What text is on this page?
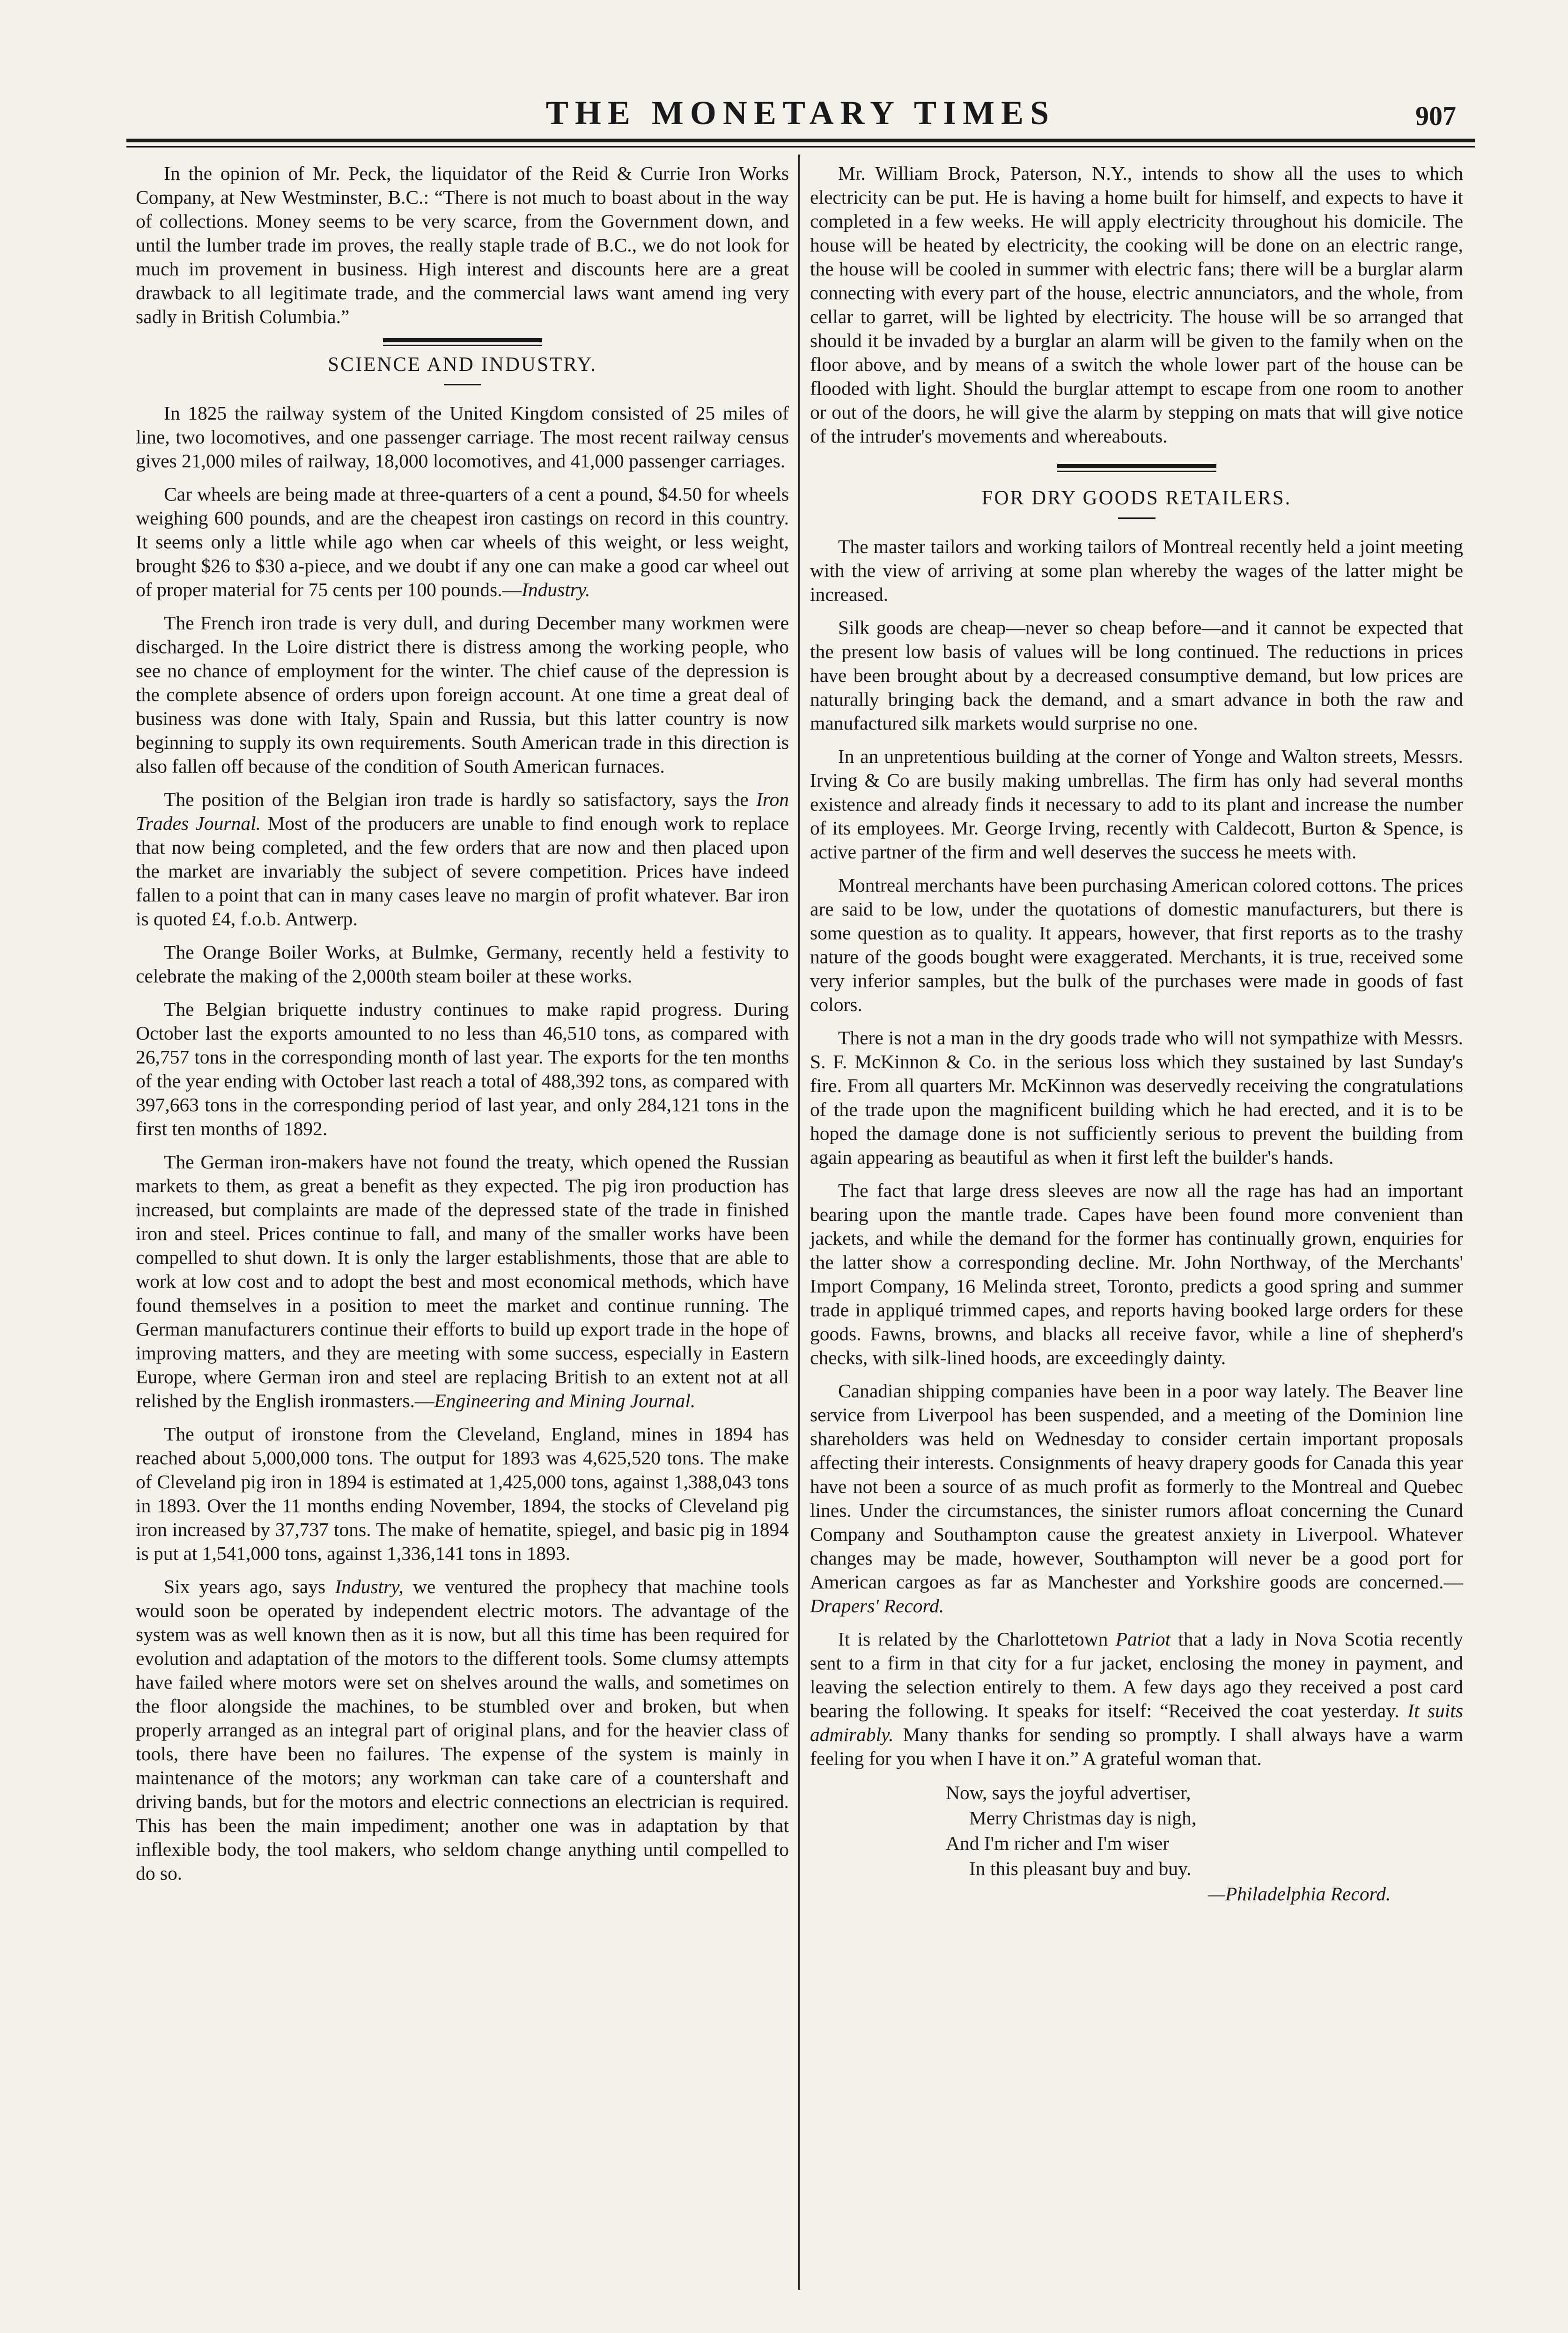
THE MONETARY TIMES	907

In the opinion of Mr. Peck, the liquidator of the Reid & Currie Iron Works Company, at New Westminster, B.C.: “There is not much to boast about in the way of collections. Money seems to be very scarce, from the Government down, and until the lumber trade im proves, the really staple trade of B.C., we do not look for much im provement in business. High interest and discounts here are a great drawback to all legitimate trade, and the commercial laws want amend ing very sadly in British Columbia.”

SCIENCE AND INDUSTRY.

In 1825 the railway system of the United Kingdom consisted of 25 miles of line, two locomotives, and one passenger carriage. The most recent railway census gives 21,000 miles of railway, 18,000 locomotives, and 41,000 passenger carriages.

Car wheels are being made at three-quarters of a cent a pound, $4.50 for wheels weighing 600 pounds, and are the cheapest iron castings on record in this country. It seems only a little while ago when car wheels of this weight, or less weight, brought $26 to $30 a-piece, and we doubt if any one can make a good car wheel out of proper material for 75 cents per 100 pounds.—Industry.

The French iron trade is very dull, and during December many workmen were discharged. In the Loire district there is distress among the working people, who see no chance of employment for the winter. The chief cause of the depression is the complete absence of orders upon foreign account. At one time a great deal of business was done with Italy, Spain and Russia, but this latter country is now beginning to supply its own requirements. South American trade in this direction is also fallen off because of the condition of South American furnaces.

The position of the Belgian iron trade is hardly so satisfactory, says the Iron Trades Journal. Most of the producers are unable to find enough work to replace that now being completed, and the few orders that are now and then placed upon the market are invariably the subject of severe competition. Prices have indeed fallen to a point that can in many cases leave no margin of profit whatever. Bar iron is quoted £4, f.o.b. Antwerp.

The Orange Boiler Works, at Bulmke, Germany, recently held a festivity to celebrate the making of the 2,000th steam boiler at these works.

The Belgian briquette industry continues to make rapid progress. During October last the exports amounted to no less than 46,510 tons, as compared with 26,757 tons in the corresponding month of last year. The exports for the ten months of the year ending with October last reach a total of 488,392 tons, as compared with 397,663 tons in the corresponding period of last year, and only 284,121 tons in the first ten months of 1892.

The German iron-makers have not found the treaty, which opened the Russian markets to them, as great a benefit as they expected. The pig iron production has increased, but complaints are made of the depressed state of the trade in finished iron and steel. Prices continue to fall, and many of the smaller works have been compelled to shut down. It is only the larger establishments, those that are able to work at low cost and to adopt the best and most economical methods, which have found themselves in a position to meet the market and continue running. The German manufacturers continue their efforts to build up export trade in the hope of improving matters, and they are meeting with some success, especially in Eastern Europe, where German iron and steel are replacing British to an extent not at all relished by the English ironmasters.—Engineering and Mining Journal.

The output of ironstone from the Cleveland, England, mines in 1894 has reached about 5,000,000 tons. The output for 1893 was 4,625,520 tons. The make of Cleveland pig iron in 1894 is estimated at 1,425,000 tons, against 1,388,043 tons in 1893. Over the 11 months ending November, 1894, the stocks of Cleveland pig iron increased by 37,737 tons. The make of hematite, spiegel, and basic pig in 1894 is put at 1,541,000 tons, against 1,336,141 tons in 1893.

Six years ago, says Industry, we ventured the prophecy that machine tools would soon be operated by independent electric motors. The advantage of the system was as well known then as it is now, but all this time has been required for evolution and adaptation of the motors to the different tools. Some clumsy attempts have failed where motors were set on shelves around the walls, and sometimes on the floor alongside the machines, to be stumbled over and broken, but when properly arranged as an integral part of original plans, and for the heavier class of tools, there have been no failures. The expense of the system is mainly in maintenance of the motors; any workman can take care of a countershaft and driving bands, but for the motors and electric connections an electrician is required. This has been the main impediment; another one was in adaptation by that inflexible body, the tool makers, who seldom change anything until compelled to do so.

Mr. William Brock, Paterson, N.Y., intends to show all the uses to which electricity can be put. He is having a home built for himself, and expects to have it completed in a few weeks. He will apply electricity throughout his domicile. The house will be heated by electricity, the cooking will be done on an electric range, the house will be cooled in summer with electric fans; there will be a burglar alarm connecting with every part of the house, electric annunciators, and the whole, from cellar to garret, will be lighted by electricity. The house will be so arranged that should it be invaded by a burglar an alarm will be given to the family when on the floor above, and by means of a switch the whole lower part of the house can be flooded with light. Should the burglar attempt to escape from one room to another or out of the doors, he will give the alarm by stepping on mats that will give notice of the intruder's movements and whereabouts.

FOR DRY GOODS RETAILERS.

The master tailors and working tailors of Montreal recently held a joint meeting with the view of arriving at some plan whereby the wages of the latter might be increased.

Silk goods are cheap—never so cheap before—and it cannot be expected that the present low basis of values will be long continued. The reductions in prices have been brought about by a decreased consumptive demand, but low prices are naturally bringing back the demand, and a smart advance in both the raw and manufactured silk markets would surprise no one.

In an unpretentious building at the corner of Yonge and Walton streets, Messrs. Irving & Co are busily making umbrellas. The firm has only had several months existence and already finds it necessary to add to its plant and increase the number of its employees. Mr. George Irving, recently with Caldecott, Burton & Spence, is active partner of the firm and well deserves the success he meets with.

Montreal merchants have been purchasing American colored cottons. The prices are said to be low, under the quotations of domestic manufacturers, but there is some question as to quality. It appears, however, that first reports as to the trashy nature of the goods bought were exaggerated. Merchants, it is true, received some very inferior samples, but the bulk of the purchases were made in goods of fast colors.

There is not a man in the dry goods trade who will not sympathize with Messrs. S. F. McKinnon & Co. in the serious loss which they sustained by last Sunday's fire. From all quarters Mr. McKinnon was deservedly receiving the congratulations of the trade upon the magnificent building which he had erected, and it is to be hoped the damage done is not sufficiently serious to prevent the building from again appearing as beautiful as when it first left the builder's hands.

The fact that large dress sleeves are now all the rage has had an important bearing upon the mantle trade. Capes have been found more convenient than jackets, and while the demand for the former has continually grown, enquiries for the latter show a corresponding decline. Mr. John Northway, of the Merchants' Import Company, 16 Melinda street, Toronto, predicts a good spring and summer trade in appliqué trimmed capes, and reports having booked large orders for these goods. Fawns, browns, and blacks all receive favor, while a line of shepherd's checks, with silk-lined hoods, are exceedingly dainty.

Canadian shipping companies have been in a poor way lately. The Beaver line service from Liverpool has been suspended, and a meeting of the Dominion line shareholders was held on Wednesday to consider certain important proposals affecting their interests. Consignments of heavy drapery goods for Canada this year have not been a source of as much profit as formerly to the Montreal and Quebec lines. Under the circumstances, the sinister rumors afloat concerning the Cunard Company and Southampton cause the greatest anxiety in Liverpool. Whatever changes may be made, however, Southampton will never be a good port for American cargoes as far as Manchester and Yorkshire goods are concerned.—Drapers' Record.

It is related by the Charlottetown Patriot that a lady in Nova Scotia recently sent to a firm in that city for a fur jacket, enclosing the money in payment, and leaving the selection entirely to them. A few days ago they received a post card bearing the following. It speaks for itself: “Received the coat yesterday. It suits admirably. Many thanks for sending so promptly. I shall always have a warm feeling for you when I have it on.” A grateful woman that.

Now, says the joyful advertiser,
Merry Christmas day is nigh,
And I'm richer and I'm wiser
In this pleasant buy and buy.
—Philadelphia Record.
